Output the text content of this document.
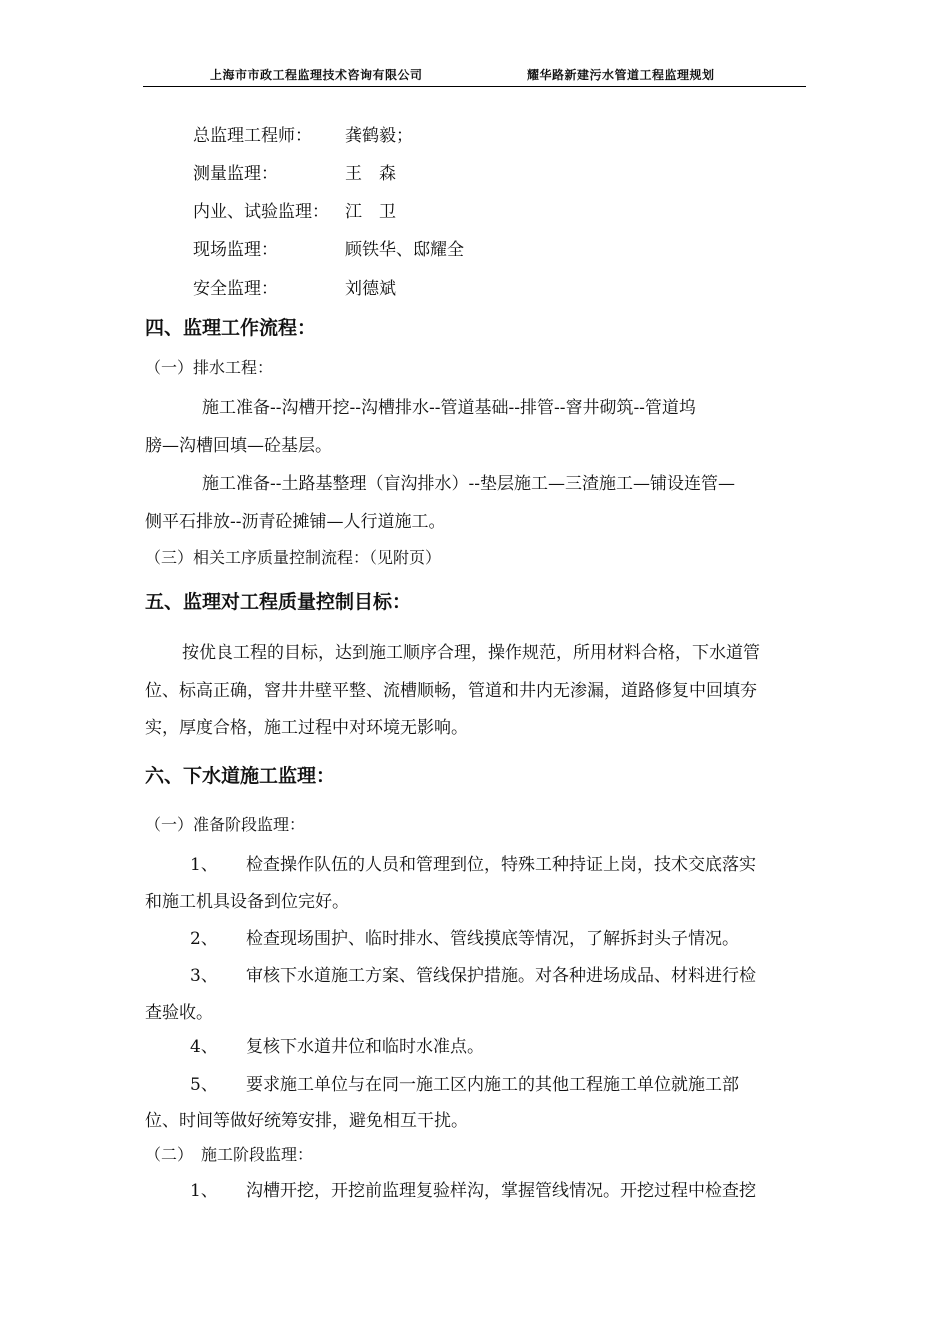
上海市市政工程监理技术咨询有限公司	耀华路新建污水管道工程监理规划
总监理工程师： 龚鹤毅；
测量监理：	王　森
内业、试验监理： 江　卫
现场监理：	顾铁华、邸耀全
安全监理：	刘德斌
四、监理工作流程：
（一）排水工程：
施工准备--沟槽开挖--沟槽排水--管道基础--排管--窨井砌筑--管道坞
膀—沟槽回填—砼基层。
施工准备--土路基整理（盲沟排水）--垫层施工—三渣施工—铺设连管—
侧平石排放--沥青砼摊铺—人行道施工。
（三）相关工序质量控制流程：（见附页）
五、监理对工程质量控制目标：
按优良工程的目标，达到施工顺序合理，操作规范，所用材料合格，下水道管
位、标高正确，窨井井壁平整、流槽顺畅，管道和井内无渗漏，道路修复中回填夯
实，厚度合格，施工过程中对环境无影响。
六、下水道施工监理：
（一）准备阶段监理：
1、 检查操作队伍的人员和管理到位，特殊工种持证上岗，技术交底落实
和施工机具设备到位完好。
2、 检查现场围护、临时排水、管线摸底等情况，了解拆封头子情况。
3、 审核下水道施工方案、管线保护措施。对各种进场成品、材料进行检
查验收。
4、 复核下水道井位和临时水准点。
5、 要求施工单位与在同一施工区内施工的其他工程施工单位就施工部
位、时间等做好统筹安排，避免相互干扰。
（二）　施工阶段监理：
1、 沟槽开挖，开挖前监理复验样沟，掌握管线情况。开挖过程中检查挖
